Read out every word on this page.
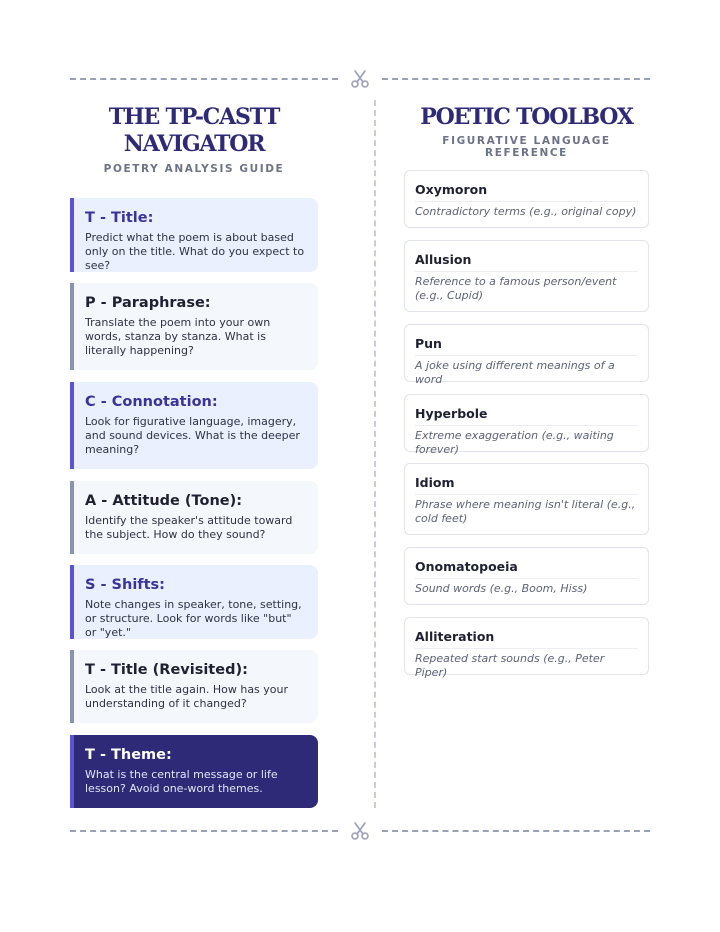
THE TP-CASTT NAVIGATOR
POETRY ANALYSIS GUIDE
POETIC TOOLBOX
FIGURATIVE LANGUAGE REFERENCE
T - Title:
Predict what the poem is about based only on the title. What do you expect to see?
P - Paraphrase:
Translate the poem into your own words, stanza by stanza. What is literally happening?
C - Connotation:
Look for figurative language, imagery, and sound devices. What is the deeper meaning?
A - Attitude (Tone):
Identify the speaker's attitude toward the subject. How do they sound?
S - Shifts:
Note changes in speaker, tone, setting, or structure. Look for words like "but" or "yet."
T - Title (Revisited):
Look at the title again. How has your understanding of it changed?
T - Theme:
What is the central message or life lesson? Avoid one-word themes.
Oxymoron
Contradictory terms (e.g., original copy)
Allusion
Reference to a famous person/event (e.g., Cupid)
Pun
A joke using different meanings of a word
Hyperbole
Extreme exaggeration (e.g., waiting forever)
Idiom
Phrase where meaning isn't literal (e.g., cold feet)
Onomatopoeia
Sound words (e.g., Boom, Hiss)
Alliteration
Repeated start sounds (e.g., Peter Piper)
